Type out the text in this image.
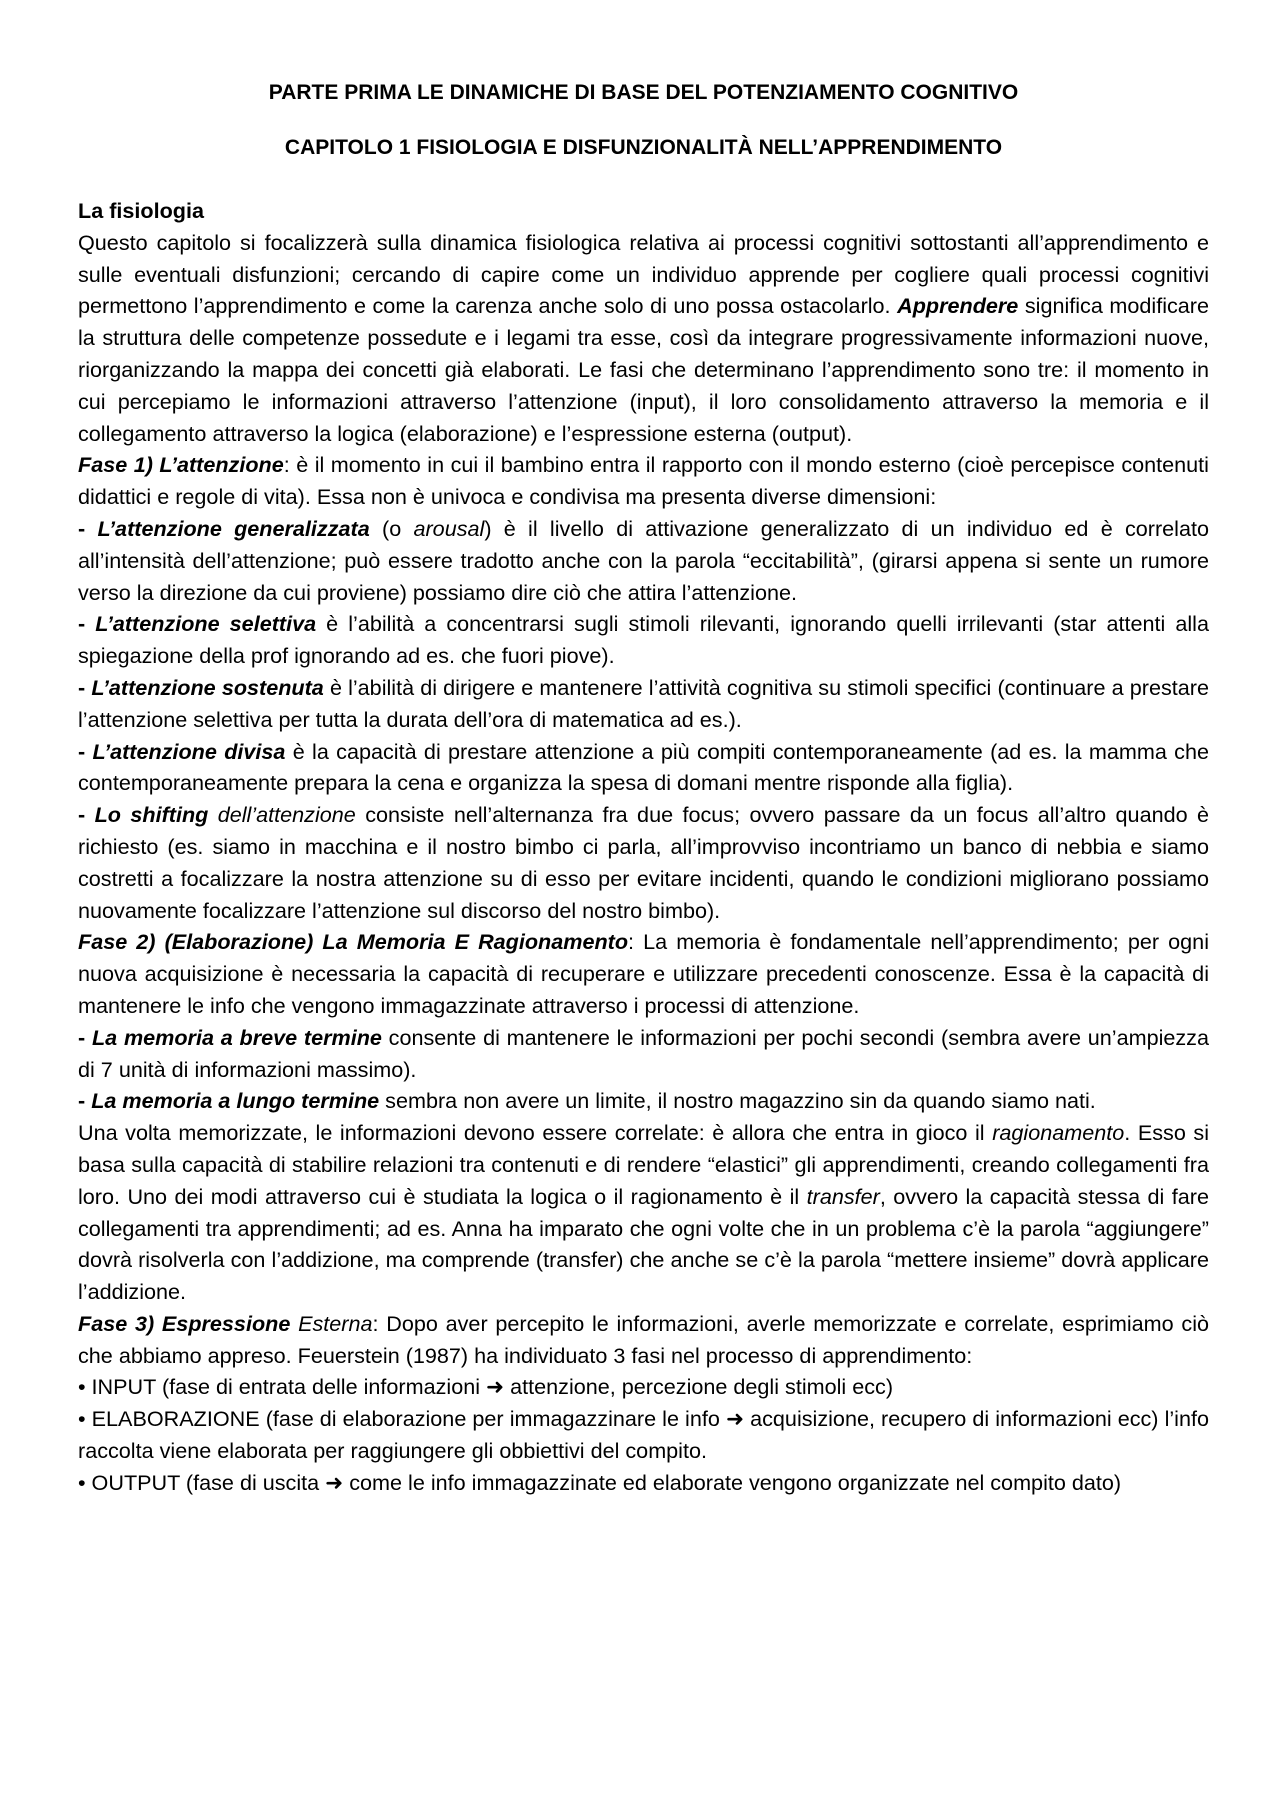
PARTE PRIMA LE DINAMICHE DI BASE DEL POTENZIAMENTO COGNITIVO
CAPITOLO 1 FISIOLOGIA E DISFUNZIONALITÀ NELL’APPRENDIMENTO
La fisiologia

Questo capitolo si focalizzerà sulla dinamica fisiologica relativa ai processi cognitivi sottostanti all’apprendimento e sulle eventuali disfunzioni; cercando di capire come un individuo apprende per cogliere quali processi cognitivi permettono l’apprendimento e come la carenza anche solo di uno possa ostacolarlo. Apprendere significa modificare la struttura delle competenze possedute e i legami tra esse, così da integrare progressivamente informazioni nuove, riorganizzando la mappa dei concetti già elaborati. Le fasi che determinano l’apprendimento sono tre: il momento in cui percepiamo le informazioni attraverso l’attenzione (input), il loro consolidamento attraverso la memoria e il collegamento attraverso la logica (elaborazione) e l’espressione esterna (output).

Fase 1) L’attenzione: è il momento in cui il bambino entra il rapporto con il mondo esterno (cioè percepisce contenuti didattici e regole di vita). Essa non è univoca e condivisa ma presenta diverse dimensioni:

- L’attenzione generalizzata (o arousal) è il livello di attivazione generalizzato di un individuo ed è correlato all’intensità dell’attenzione; può essere tradotto anche con la parola “eccitabilità”, (girarsi appena si sente un rumore verso la direzione da cui proviene) possiamo dire ciò che attira l’attenzione.

- L’attenzione selettiva è l’abilità a concentrarsi sugli stimoli rilevanti, ignorando quelli irrilevanti (star attenti alla spiegazione della prof ignorando ad es. che fuori piove).

- L’attenzione sostenuta è l’abilità di dirigere e mantenere l’attività cognitiva su stimoli specifici (continuare a prestare l’attenzione selettiva per tutta la durata dell’ora di matematica ad es.).

- L’attenzione divisa è la capacità di prestare attenzione a più compiti contemporaneamente (ad es. la mamma che contemporaneamente prepara la cena e organizza la spesa di domani mentre risponde alla figlia).

- Lo shifting dell’attenzione consiste nell’alternanza fra due focus; ovvero passare da un focus all’altro quando è richiesto (es. siamo in macchina e il nostro bimbo ci parla, all’improvviso incontriamo un banco di nebbia e siamo costretti a focalizzare la nostra attenzione su di esso per evitare incidenti, quando le condizioni migliorano possiamo nuovamente focalizzare l’attenzione sul discorso del nostro bimbo).

Fase 2) (Elaborazione) La Memoria E Ragionamento: La memoria è fondamentale nell’apprendimento; per ogni nuova acquisizione è necessaria la capacità di recuperare e utilizzare precedenti conoscenze. Essa è la capacità di mantenere le info che vengono immagazzinate attraverso i processi di attenzione.

- La memoria a breve termine consente di mantenere le informazioni per pochi secondi (sembra avere un’ampiezza di 7 unità di informazioni massimo).

- La memoria a lungo termine sembra non avere un limite, il nostro magazzino sin da quando siamo nati.

Una volta memorizzate, le informazioni devono essere correlate: è allora che entra in gioco il ragionamento. Esso si basa sulla capacità di stabilire relazioni tra contenuti e di rendere “elastici” gli apprendimenti, creando collegamenti fra loro. Uno dei modi attraverso cui è studiata la logica o il ragionamento è il transfer, ovvero la capacità stessa di fare collegamenti tra apprendimenti; ad es. Anna ha imparato che ogni volte che in un problema c’è la parola “aggiungere” dovrà risolverla con l’addizione, ma comprende (transfer) che anche se c’è la parola “mettere insieme” dovrà applicare l’addizione.

Fase 3) Espressione Esterna: Dopo aver percepito le informazioni, averle memorizzate e correlate, esprimiamo ciò che abbiamo appreso. Feuerstein (1987) ha individuato 3 fasi nel processo di apprendimento:

• INPUT (fase di entrata delle informazioni ➜ attenzione, percezione degli stimoli ecc)

• ELABORAZIONE (fase di elaborazione per immagazzinare le info ➜ acquisizione, recupero di informazioni ecc) l’info raccolta viene elaborata per raggiungere gli obbiettivi del compito.

• OUTPUT (fase di uscita ➜ come le info immagazzinate ed elaborate vengono organizzate nel compito dato)
